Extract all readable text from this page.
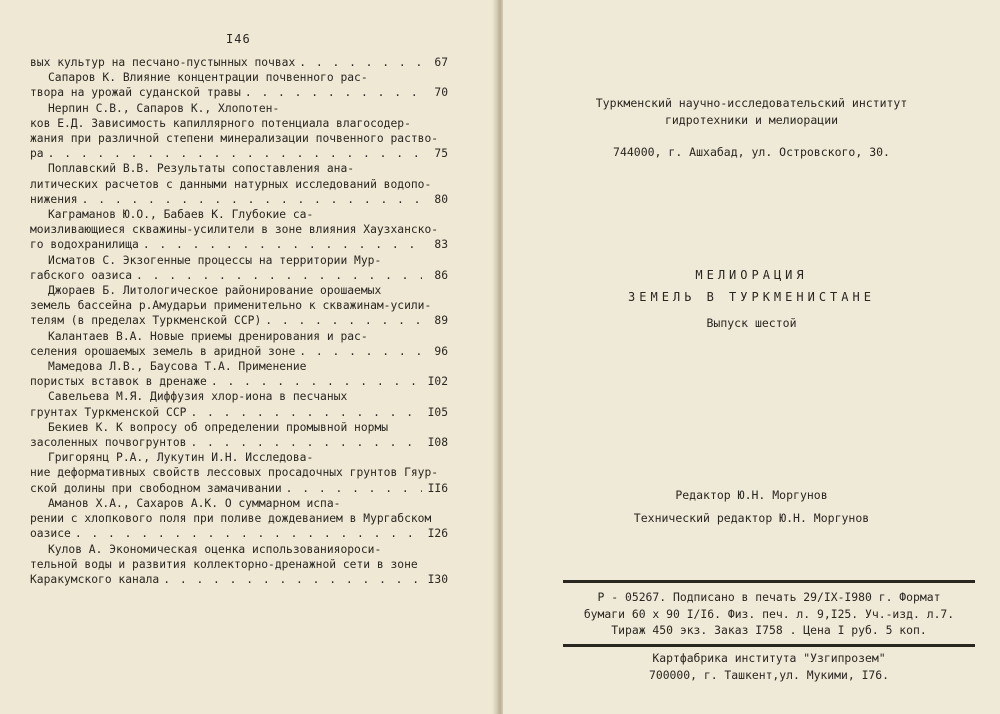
I46
вых культур на песчано-пустынных почвах . . .	67
Сапаров К. Влияние концентрации почвенного рас-
твора на урожай суданской травы . . .	70
Нерпин С.В., Сапаров К., Хлопотен-
ков Е.Д. Зависимость капиллярного потенциала влагосодер-
жания при различной степени минерализации почвенного раство-
ра . . .	75
Поплавский В.В. Результаты сопоставления ана-
литических расчетов с данными натурных исследований водопо-
нижения . . .	80
Каграманов Ю.О., Бабаев К. Глубокие са-
моизливающиеся скважины-усилители в зоне влияния Хаузханско-
го водохранилища . . .	83
Исматов С. Экзогенные процессы на территории Мур-
габского оазиса . . .	86
Джораев Б. Литологическое районирование орошаемых
земель бассейна р.Амударьи применительно к скважинам-усили-
телям (в пределах Туркменской ССР) . . .	89
Калантаев В.А. Новые приемы дренирования и рас-
селения орошаемых земель в аридной зоне . . .	96
Мамедова Л.В., Баусова Т.А. Применение
пористых вставок в дренаже . . .	I02
Савельева М.Я. Диффузия хлор-иона в песчаных
грунтах Туркменской ССР . . .	I05
Бекиев К. К вопросу об определении промывной нормы
засоленных почвогрунтов . . .	I08
Григорянц Р.А., Лукутин И.Н. Исследова-
ние деформативных свойств лессовых просадочных грунтов Гяур-
ской долины при свободном замачивании . . .	II6
Аманов Х.А., Сахаров А.К. О суммарном испа-
рении с хлопкового поля при поливе дождеванием в Мургабском
оазисе . . .	I26
Кулов А. Экономическая оценка использованияороси-
тельной воды и развития коллекторно-дренажной сети в зоне
Каракумского канала . . .	I30
Туркменский научно-исследовательский институт
гидротехники и мелиорации
744000, г. Ашхабад, ул. Островского, 30.
МЕЛИОРАЦИЯ
ЗЕМЕЛЬ В ТУРКМЕНИСТАНЕ
Выпуск шестой
Редактор Ю.Н. Моргунов
Технический редактор Ю.Н. Моргунов
Р - 05267. Подписано в печать 29/IX-I980 г. Формат
бумаги 60 х 90 I/I6. Физ. печ. л. 9,I25. Уч.-изд. л.7.
Тираж 450 экз. Заказ I758 . Цена I руб. 5 коп.
Картфабрика института "Узгипрозем"
700000, г. Ташкент,ул. Мукими, I76.
